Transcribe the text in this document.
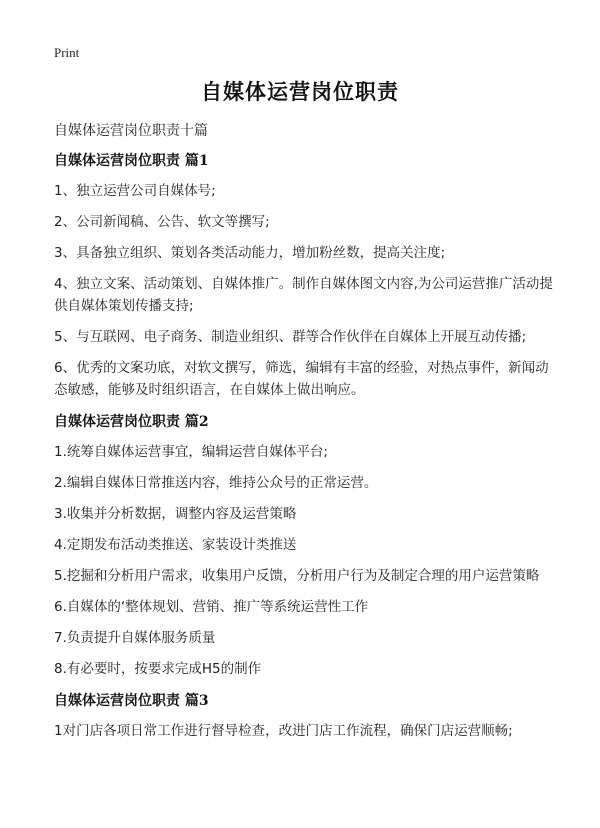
Print
自媒体运营岗位职责
自媒体运营岗位职责十篇
自媒体运营岗位职责 篇1

1、独立运营公司自媒体号;

2、公司新闻稿、公告、软文等撰写;

3、具备独立组织、策划各类活动能力，增加粉丝数，提高关注度;

4、独立文案、活动策划、自媒体推广。制作自媒体图文内容,为公司运营推广活动提供自媒体策划传播支持;

5、与互联网、电子商务、制造业组织、群等合作伙伴在自媒体上开展互动传播;

6、优秀的文案功底，对软文撰写，筛选，编辑有丰富的经验，对热点事件，新闻动态敏感，能够及时组织语言，在自媒体上做出响应。

自媒体运营岗位职责 篇2

1.统筹自媒体运营事宜，编辑运营自媒体平台;

2.编辑自媒体日常推送内容，维持公众号的正常运营。

3.收集并分析数据，调整内容及运营策略

4.定期发布活动类推送、家装设计类推送

5.挖掘和分析用户需求，收集用户反馈，分析用户行为及制定合理的用户运营策略

6.自媒体的‘整体规划、营销、推广等系统运营性工作

7.负责提升自媒体服务质量

8.有必要时，按要求完成H5的制作

自媒体运营岗位职责 篇3

1对门店各项日常工作进行督导检查，改进门店工作流程，确保门店运营顺畅;
